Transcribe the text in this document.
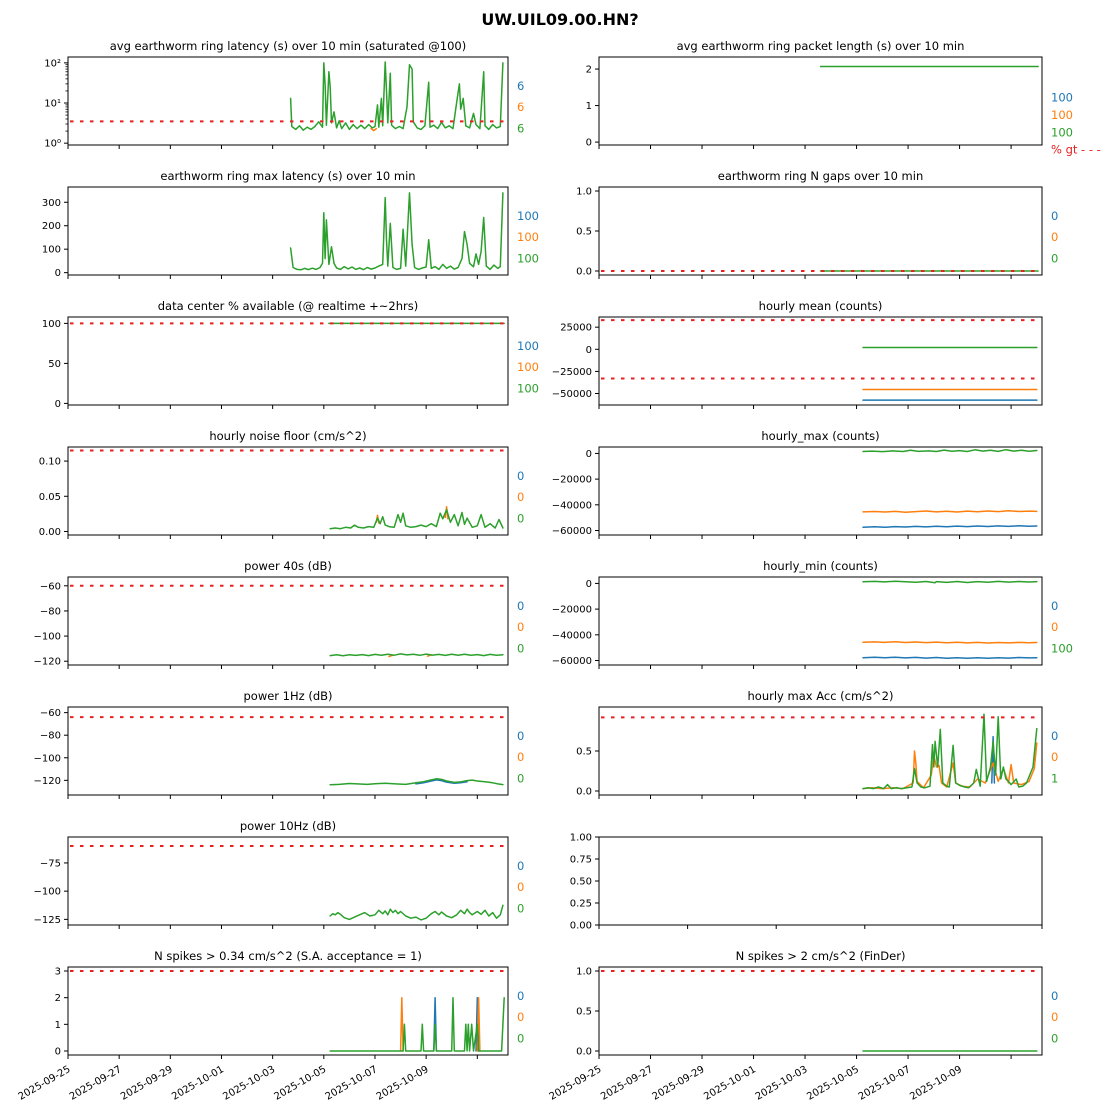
UW.UIL09.00.HN?
avg earthworm ring latency (s) over 10 min (saturated @100)
10⁰
10¹
10²
6
6
6
avg earthworm ring packet length (s) over 10 min
0
1
2
100
100
100
% gt - - -
earthworm ring max latency (s) over 10 min
0
100
200
300
100
100
100
earthworm ring N gaps over 10 min
0.0
0.5
1.0
0
0
0
data center % available (@ realtime +~2hrs)
0
50
100
100
100
100
hourly mean (counts)
25000
0
−25000
−50000
hourly noise floor (cm/s^2)
0.00
0.05
0.10
0
0
0
hourly_max (counts)
0
−20000
−40000
−60000
power 40s (dB)
−60
−80
−100
−120
0
0
0
hourly_min (counts)
0
−20000
−40000
−60000
0
0
100
power 1Hz (dB)
−60
−80
−100
−120
0
0
0
hourly max Acc (cm/s^2)
0.0
0.5
0
0
1
power 10Hz (dB)
−75
−100
−125
0
0
0
0.00
0.25
0.50
0.75
1.00
N spikes > 0.34 cm/s^2 (S.A. acceptance = 1)
0
1
2
3
2025-09-25
2025-09-27
2025-09-29
2025-10-01
2025-10-03
2025-10-05
2025-10-07
2025-10-09
0
0
0
N spikes > 2 cm/s^2 (FinDer)
0.0
0.5
1.0
2025-09-25
2025-09-27
2025-09-29
2025-10-01
2025-10-03
2025-10-05
2025-10-07
2025-10-09
0
0
0
